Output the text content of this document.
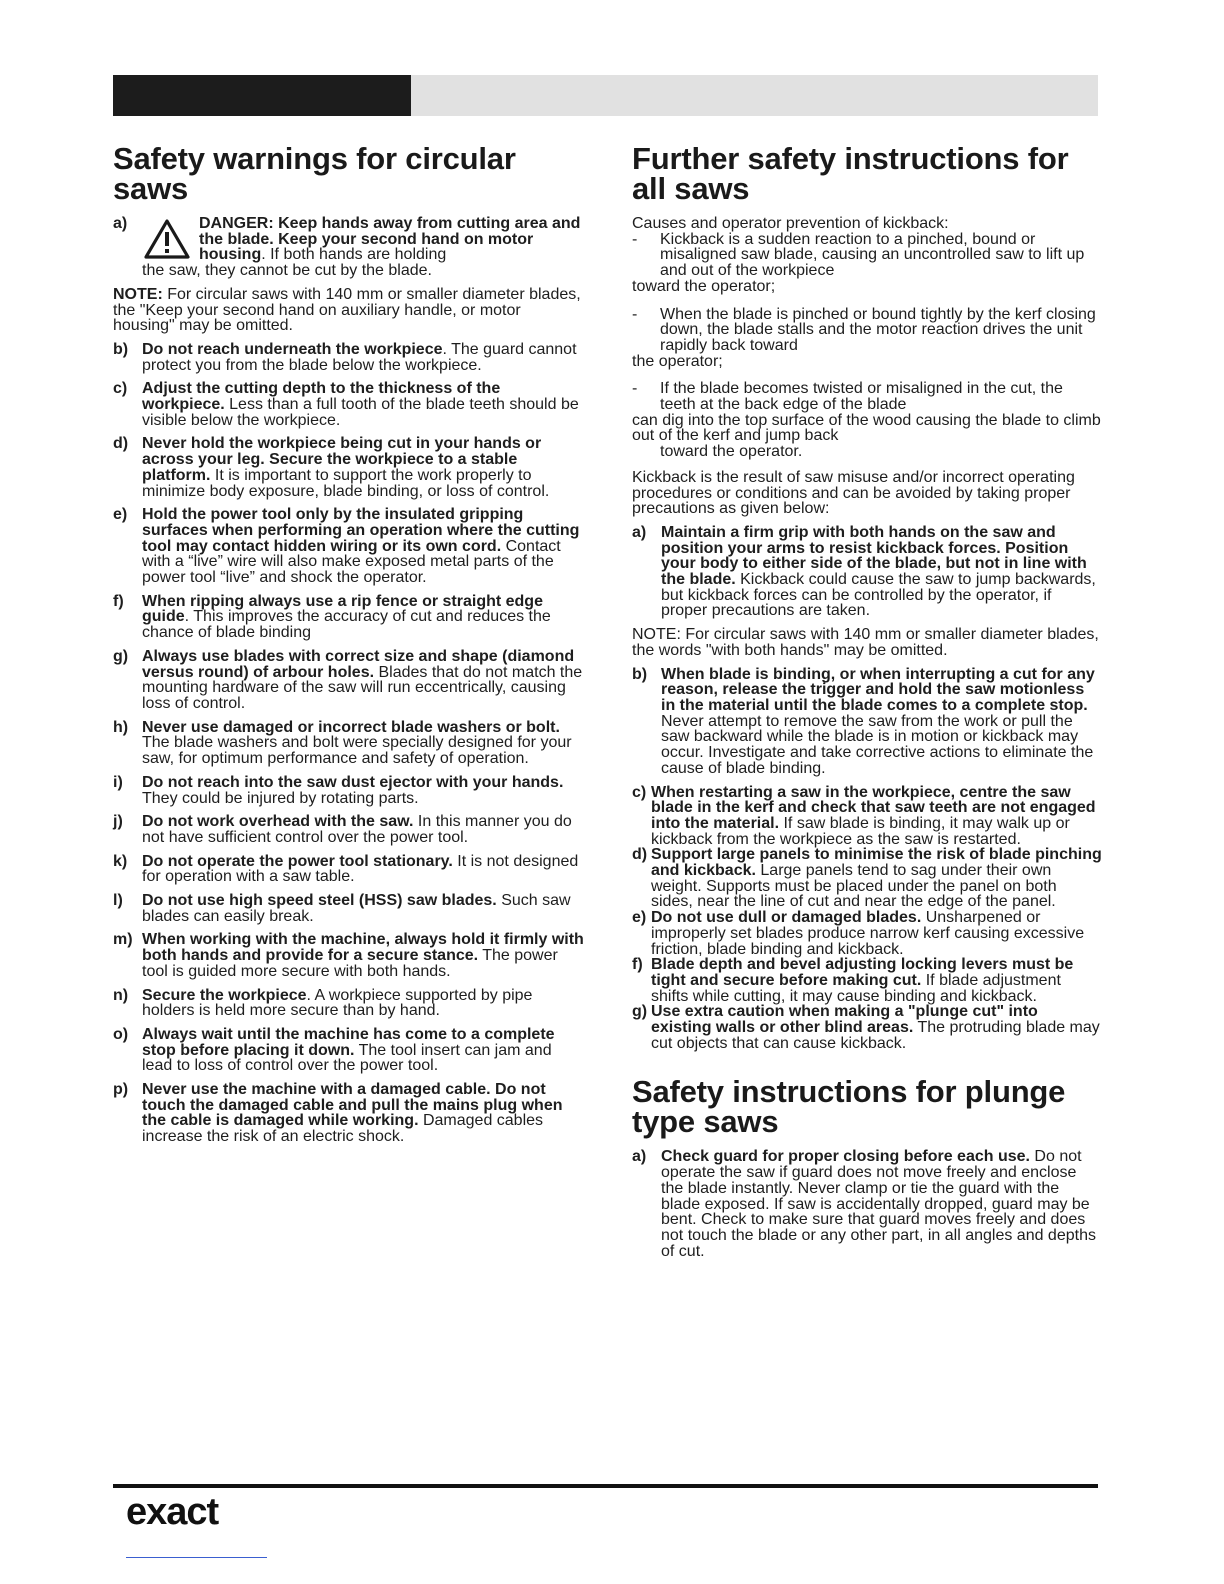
Safety warnings for circular saws
a)	DANGER: Keep hands away from cutting area and the blade. Keep your second hand on motor housing. If both hands are holding
the saw, they cannot be cut by the blade.
NOTE: For circular saws with 140 mm or smaller diameter blades, the "Keep your second hand on auxiliary handle, or motor housing" may be omitted.
b) Do not reach underneath the workpiece. The guard cannot protect you from the blade below the workpiece.
c) Adjust the cutting depth to the thickness of the workpiece. Less than a full tooth of the blade teeth should be visible below the workpiece.
d) Never hold the workpiece being cut in your hands or across your leg. Secure the workpiece to a stable platform. It is important to support the work properly to minimize body exposure, blade binding, or loss of control.
e) Hold the power tool only by the insulated gripping surfaces when performing an operation where the cutting tool may contact hidden wiring or its own cord. Contact with a “live” wire will also make exposed metal parts of the power tool “live” and shock the operator.
f) When ripping always use a rip fence or straight edge guide. This improves the accuracy of cut and reduces the chance of blade binding
g) Always use blades with correct size and shape (diamond versus round) of arbour holes. Blades that do not match the mounting hardware of the saw will run eccentrically, causing loss of control.
h) Never use damaged or incorrect blade washers or bolt. The blade washers and bolt were specially designed for your saw, for optimum performance and safety of operation.
i) Do not reach into the saw dust ejector with your hands. They could be injured by rotating parts.
j) Do not work overhead with the saw. In this manner you do not have sufficient control over the power tool.
k) Do not operate the power tool stationary. It is not designed for operation with a saw table.
l) Do not use high speed steel (HSS) saw blades. Such saw blades can easily break.
m) When working with the machine, always hold it firmly with both hands and provide for a secure stance. The power tool is guided more secure with both hands.
n) Secure the workpiece. A workpiece supported by pipe holders is held more secure than by hand.
o) Always wait until the machine has come to a complete stop before placing it down. The tool insert can jam and lead to loss of control over the power tool.
p) Never use the machine with a damaged cable. Do not touch the damaged cable and pull the mains plug when the cable is damaged while working. Damaged cables increase the risk of an electric shock.
Further safety instructions for all saws
Causes and operator prevention of kickback:
- Kickback is a sudden reaction to a pinched, bound or misaligned saw blade, causing an uncontrolled saw to lift up and out of the workpiece
toward the operator;
- When the blade is pinched or bound tightly by the kerf closing down, the blade stalls and the motor reaction drives the unit rapidly back toward
the operator;
- If the blade becomes twisted or misaligned in the cut, the teeth at the back edge of the blade
can dig into the top surface of the wood causing the blade to climb out of the kerf and jump back
toward the operator.
Kickback is the result of saw misuse and/or incorrect operating procedures or conditions and can be avoided by taking proper precautions as given below:
a) Maintain a firm grip with both hands on the saw and position your arms to resist kickback forces. Position your body to either side of the blade, but not in line with the blade. Kickback could cause the saw to jump backwards, but kickback forces can be controlled by the operator, if proper precautions are taken.
NOTE: For circular saws with 140 mm or smaller diameter blades, the words "with both hands" may be omitted.
b) When blade is binding, or when interrupting a cut for any reason, release the trigger and hold the saw motionless in the material until the blade comes to a complete stop. Never attempt to remove the saw from the work or pull the saw backward while the blade is in motion or kickback may occur. Investigate and take corrective actions to eliminate the cause of blade binding.
c) When restarting a saw in the workpiece, centre the saw blade in the kerf and check that saw teeth are not engaged into the material. If saw blade is binding, it may walk up or kickback from the workpiece as the saw is restarted.
d) Support large panels to minimise the risk of blade pinching and kickback. Large panels tend to sag under their own weight. Supports must be placed under the panel on both sides, near the line of cut and near the edge of the panel.
e) Do not use dull or damaged blades. Unsharpened or improperly set blades produce narrow kerf causing excessive friction, blade binding and kickback.
f) Blade depth and bevel adjusting locking levers must be tight and secure before making cut. If blade adjustment shifts while cutting, it may cause binding and kickback.
g) Use extra caution when making a "plunge cut" into existing walls or other blind areas. The protruding blade may cut objects that can cause kickback.
Safety instructions for plunge type saws
a) Check guard for proper closing before each use. Do not operate the saw if guard does not move freely and enclose the blade instantly. Never clamp or tie the guard with the blade exposed. If saw is accidentally dropped, guard may be bent. Check to make sure that guard moves freely and does not touch the blade or any other part, in all angles and depths of cut.
exact
